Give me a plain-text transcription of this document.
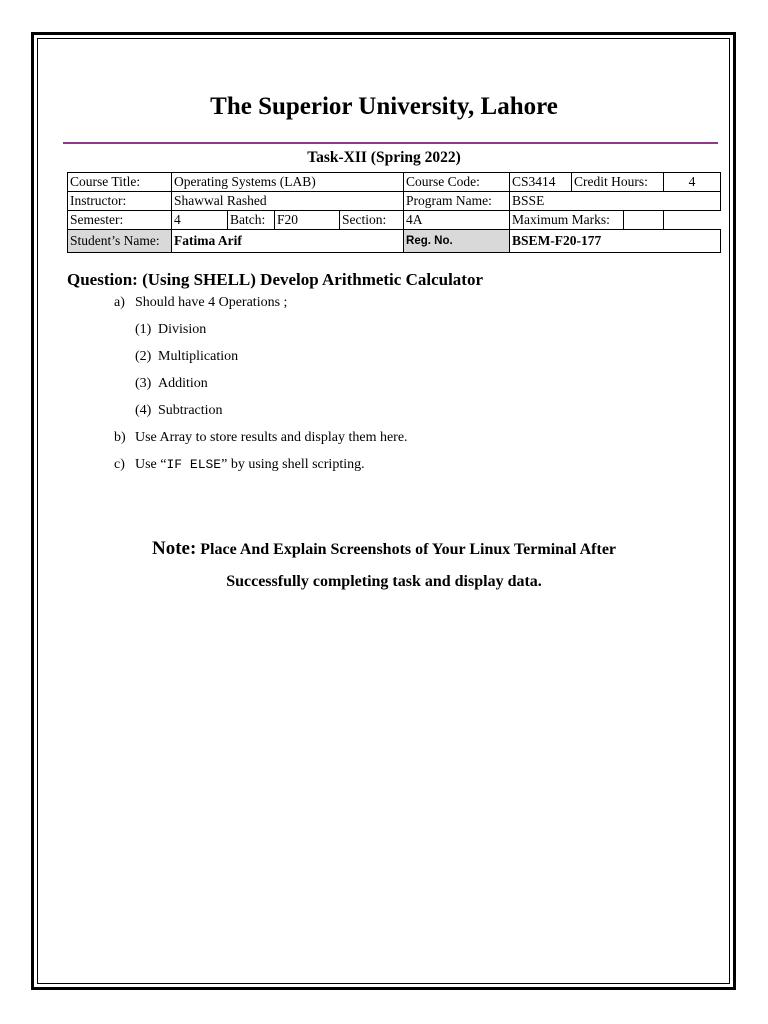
The Superior University, Lahore
Task-XII (Spring 2022)
Course Title:	Operating Systems (LAB)			Course Code:	CS3414	Credit Hours:		4
Instructor:	Shawwal Rashed			Program Name:	BSSE			
Semester:	4	Batch: F20	Section:	4A	Maximum Marks:			
Student’s Name:	Fatima Arif			Reg. No.	BSEM-F20-177			
Question: (Using SHELL) Develop Arithmetic Calculator
a) Should have 4 Operations ;
(1) Division
(2) Multiplication
(3) Addition
(4) Subtraction
b) Use Array to store results and display them here.
c) Use “IF ELSE” by using shell scripting.
Note: Place And Explain Screenshots of Your Linux Terminal After
Successfully completing task and display data.
